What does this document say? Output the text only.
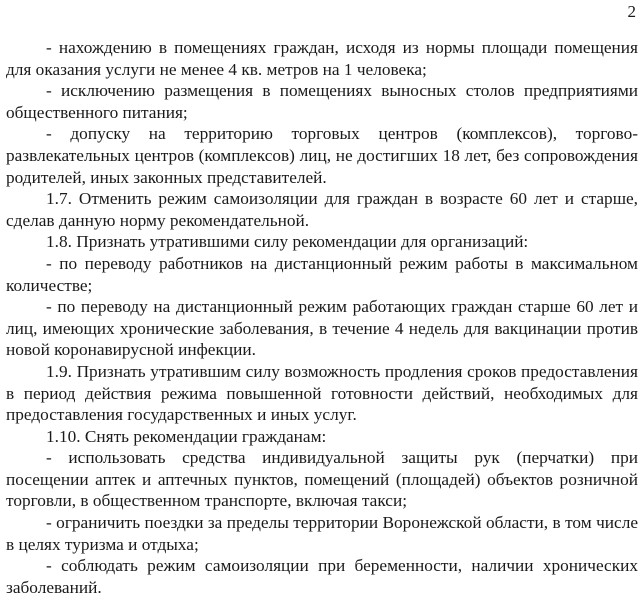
2

- нахождению в помещениях граждан, исходя из нормы площади помещения для оказания услуги не менее 4 кв. метров на 1 человека;

- исключению размещения в помещениях выносных столов предприятиями общественного питания;

- допуску на территорию торговых центров (комплексов), торгово-развлекательных центров (комплексов) лиц, не достигших 18 лет, без сопровождения родителей, иных законных представителей.

1.7. Отменить режим самоизоляции для граждан в возрасте 60 лет и старше, сделав данную норму рекомендательной.

1.8. Признать утратившими силу рекомендации для организаций:

- по переводу работников на дистанционный режим работы в максимальном количестве;

- по переводу на дистанционный режим работающих граждан старше 60 лет и лиц, имеющих хронические заболевания, в течение 4 недель для вакцинации против новой коронавирусной инфекции.

1.9. Признать утратившим силу возможность продления сроков предоставления в период действия режима повышенной готовности действий, необходимых для предоставления государственных и иных услуг.

1.10. Снять рекомендации гражданам:

- использовать средства индивидуальной защиты рук (перчатки) при посещении аптек и аптечных пунктов, помещений (площадей) объектов розничной торговли, в общественном транспорте, включая такси;

- ограничить поездки за пределы территории Воронежской области, в том числе в целях туризма и отдыха;

- соблюдать режим самоизоляции при беременности, наличии хронических заболеваний.
